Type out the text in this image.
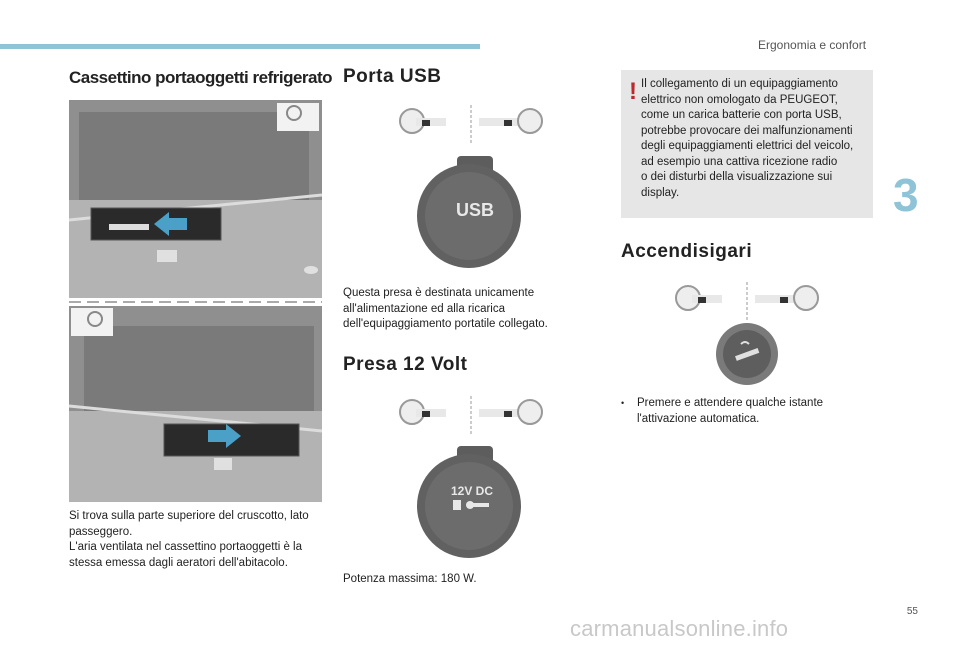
Ergonomia e confort
3
Cassettino portaoggetti refrigerato

Si trova sulla parte superiore del cruscotto, lato
passeggero.
L'aria ventilata nel cassettino portaoggetti è la
stessa emessa dagli aeratori dell'abitacolo.

Porta USB
USB

Questa presa è destinata unicamente
all'alimentazione ed alla ricarica
dell'equipaggiamento portatile collegato.

Presa 12 Volt
12V DC

Potenza massima: 180 W.

! Il collegamento di un equipaggiamento
elettrico non omologato da PEUGEOT,
come un carica batterie con porta USB,
potrebbe provocare dei malfunzionamenti
degli equipaggiamenti elettrici del veicolo,
ad esempio una cattiva ricezione radio
o dei disturbi della visualizzazione sui
display.
Accendisigari

• Premere e attendere qualche istante
l'attivazione automatica.

55
carmanualsonline.info
